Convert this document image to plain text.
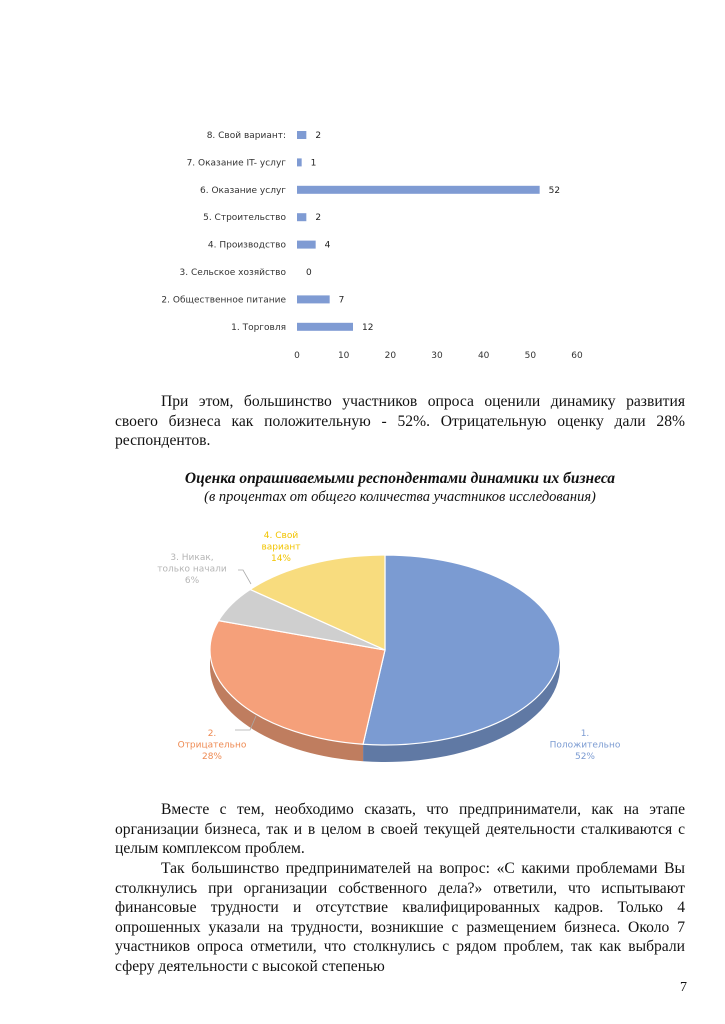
8. Свой вариант:	2
7. Оказание IT- услуг	1
6. Оказание услуг	52
5. Строительство	2
4. Производство	4
3. Сельское хозяйство 0
2. Общественное питание	7
1. Торговля	12
0	10	20	30	40	50	60

При этом, большинство участников опроса оценили динамику развития своего бизнеса как положительную - 52%. Отрицательную оценку дали 28% респондентов.

Оценка опрашиваемыми респондентами динамики их бизнеса
(в процентах от общего количества участников исследования)
1.
Положительно
52%
2.
Отрицательно
28%
3. Никак,
только начали
6%
4. Свой
вариант
14%

Вместе с тем, необходимо сказать, что предприниматели, как на этапе организации бизнеса, так и в целом в своей текущей деятельности сталкиваются с целым комплексом проблем.

Так большинство предпринимателей на вопрос: «С какими проблемами Вы столкнулись при организации собственного дела?» ответили, что испытывают финансовые трудности и отсутствие квалифицированных кадров. Только 4 опрошенных указали на трудности, возникшие с размещением бизнеса. Около 7 участников опроса отметили, что столкнулись с рядом проблем, так как выбрали сферу деятельности с высокой степенью

7
